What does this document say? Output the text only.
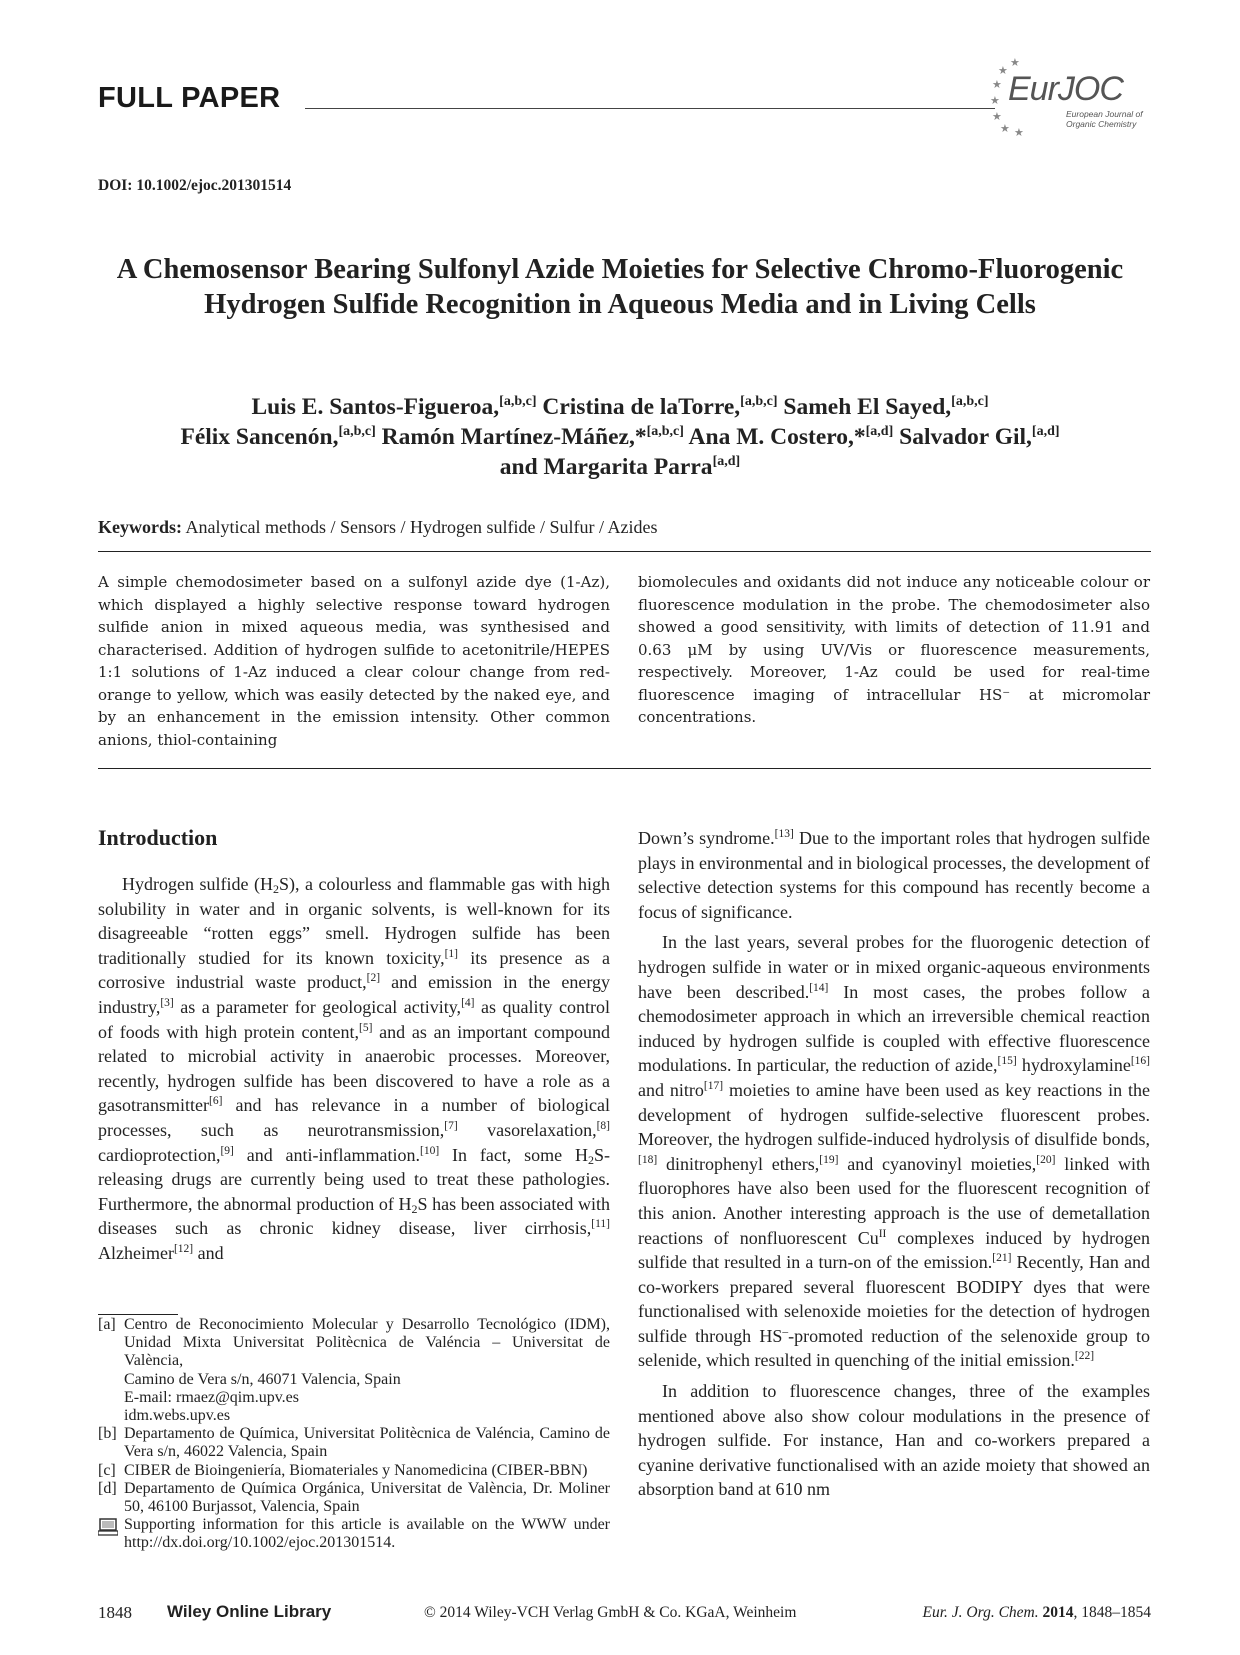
FULL PAPER	★
★
★
★
★
★ ★
EurJOC
European Journal of Organic Chemistry
DOI: 10.1002/ejoc.201301514
A Chemosensor Bearing Sulfonyl Azide Moieties for Selective Chromo-Fluorogenic Hydrogen Sulfide Recognition in Aqueous Media and in Living Cells
Luis E. Santos-Figueroa,[a,b,c] Cristina de laTorre,[a,b,c] Sameh El Sayed,[a,b,c]
Félix Sancenón,[a,b,c] Ramón Martínez-Máñez,*[a,b,c] Ana M. Costero,*[a,d] Salvador Gil,[a,d]
and Margarita Parra[a,d]
Keywords: Analytical methods / Sensors / Hydrogen sulfide / Sulfur / Azides

A simple chemodosimeter based on a sulfonyl azide dye (1-Az), which displayed a highly selective response toward hydrogen sulfide anion in mixed aqueous media, was synthesised and characterised. Addition of hydrogen sulfide to acetonitrile/HEPES 1:1 solutions of 1-Az induced a clear colour change from red-orange to yellow, which was easily detected by the naked eye, and by an enhancement in the emission intensity. Other common anions, thiol-containing

biomolecules and oxidants did not induce any noticeable colour or fluorescence modulation in the probe. The chemodosimeter also showed a good sensitivity, with limits of detection of 11.91 and 0.63 μM by using UV/Vis or fluorescence measurements, respectively. Moreover, 1-Az could be used for real-time fluorescence imaging of intracellular HS⁻ at micromolar concentrations.

Introduction

Hydrogen sulfide $(H_2S)$, a colourless and flammable gas with high solubility in water and in organic solvents, is well-known for its disagreeable “rotten eggs” smell. Hydrogen sulfide has been traditionally studied for its known toxicity,[1] its presence as a corrosive industrial waste product,[2] and emission in the energy industry,[3] as a parameter for geological activity,[4] as quality control of foods with high protein content,[5] and as an important compound related to microbial activity in anaerobic processes. Moreover, recently, hydrogen sulfide has been discovered to have a role as a gasotransmitter[6] and has relevance in a number of biological processes, such as neurotransmission,[7] vasorelaxation,[8] cardioprotection,[9] and anti-inflammation.[10] In fact, some $H_2S$-releasing drugs are currently being used to treat these pathologies. Furthermore, the abnormal production of $H_2S$ has been associated with diseases such as chronic kidney disease, liver cirrhosis,[11] Alzheimer[12] and

[a] Centro de Reconocimiento Molecular y Desarrollo Tecnológico (IDM), Unidad Mixta Universitat Politècnica de Valéncia – Universitat de València,
Camino de Vera s/n, 46071 Valencia, Spain
E-mail: rmaez@qim.upv.es
idm.webs.upv.es
[b] Departamento de Química, Universitat Politècnica de Valéncia, Camino de Vera s/n, 46022 Valencia, Spain
[c] CIBER de Bioingeniería, Biomateriales y Nanomedicina (CIBER-BBN)
[d] Departamento de Química Orgánica, Universitat de València, Dr. Moliner 50, 46100 Burjassot, Valencia, Spain
Supporting information for this article is available on the WWW under http://dx.doi.org/10.1002/ejoc.201301514.

Down’s syndrome.[13] Due to the important roles that hydrogen sulfide plays in environmental and in biological processes, the development of selective detection systems for this compound has recently become a focus of significance.

In the last years, several probes for the fluorogenic detection of hydrogen sulfide in water or in mixed organic-aqueous environments have been described.[14] In most cases, the probes follow a chemodosimeter approach in which an irreversible chemical reaction induced by hydrogen sulfide is coupled with effective fluorescence modulations. In particular, the reduction of azide,[15] hydroxylamine[16] and nitro[17] moieties to amine have been used as key reactions in the development of hydrogen sulfide-selective fluorescent probes. Moreover, the hydrogen sulfide-induced hydrolysis of disulfide bonds,[18] dinitrophenyl ethers,[19] and cyanovinyl moieties,[20] linked with fluorophores have also been used for the fluorescent recognition of this anion. Another interesting approach is the use of demetallation reactions of nonfluorescent $Cu^{II}$ complexes induced by hydrogen sulfide that resulted in a turn-on of the emission.[21] Recently, Han and co-workers prepared several fluorescent BODIPY dyes that were functionalised with selenoxide moieties for the detection of hydrogen sulfide through HS–-promoted reduction of the selenoxide group to selenide, which resulted in quenching of the initial emission.[22]

In addition to fluorescence changes, three of the examples mentioned above also show colour modulations in the presence of hydrogen sulfide. For instance, Han and co-workers prepared a cyanine derivative functionalised with an azide moiety that showed an absorption band at 610 nm

1848 Wiley Online Library	© 2014 Wiley-VCH Verlag GmbH & Co. KGaA, Weinheim	Eur. J. Org. Chem. 2014, 1848–1854
